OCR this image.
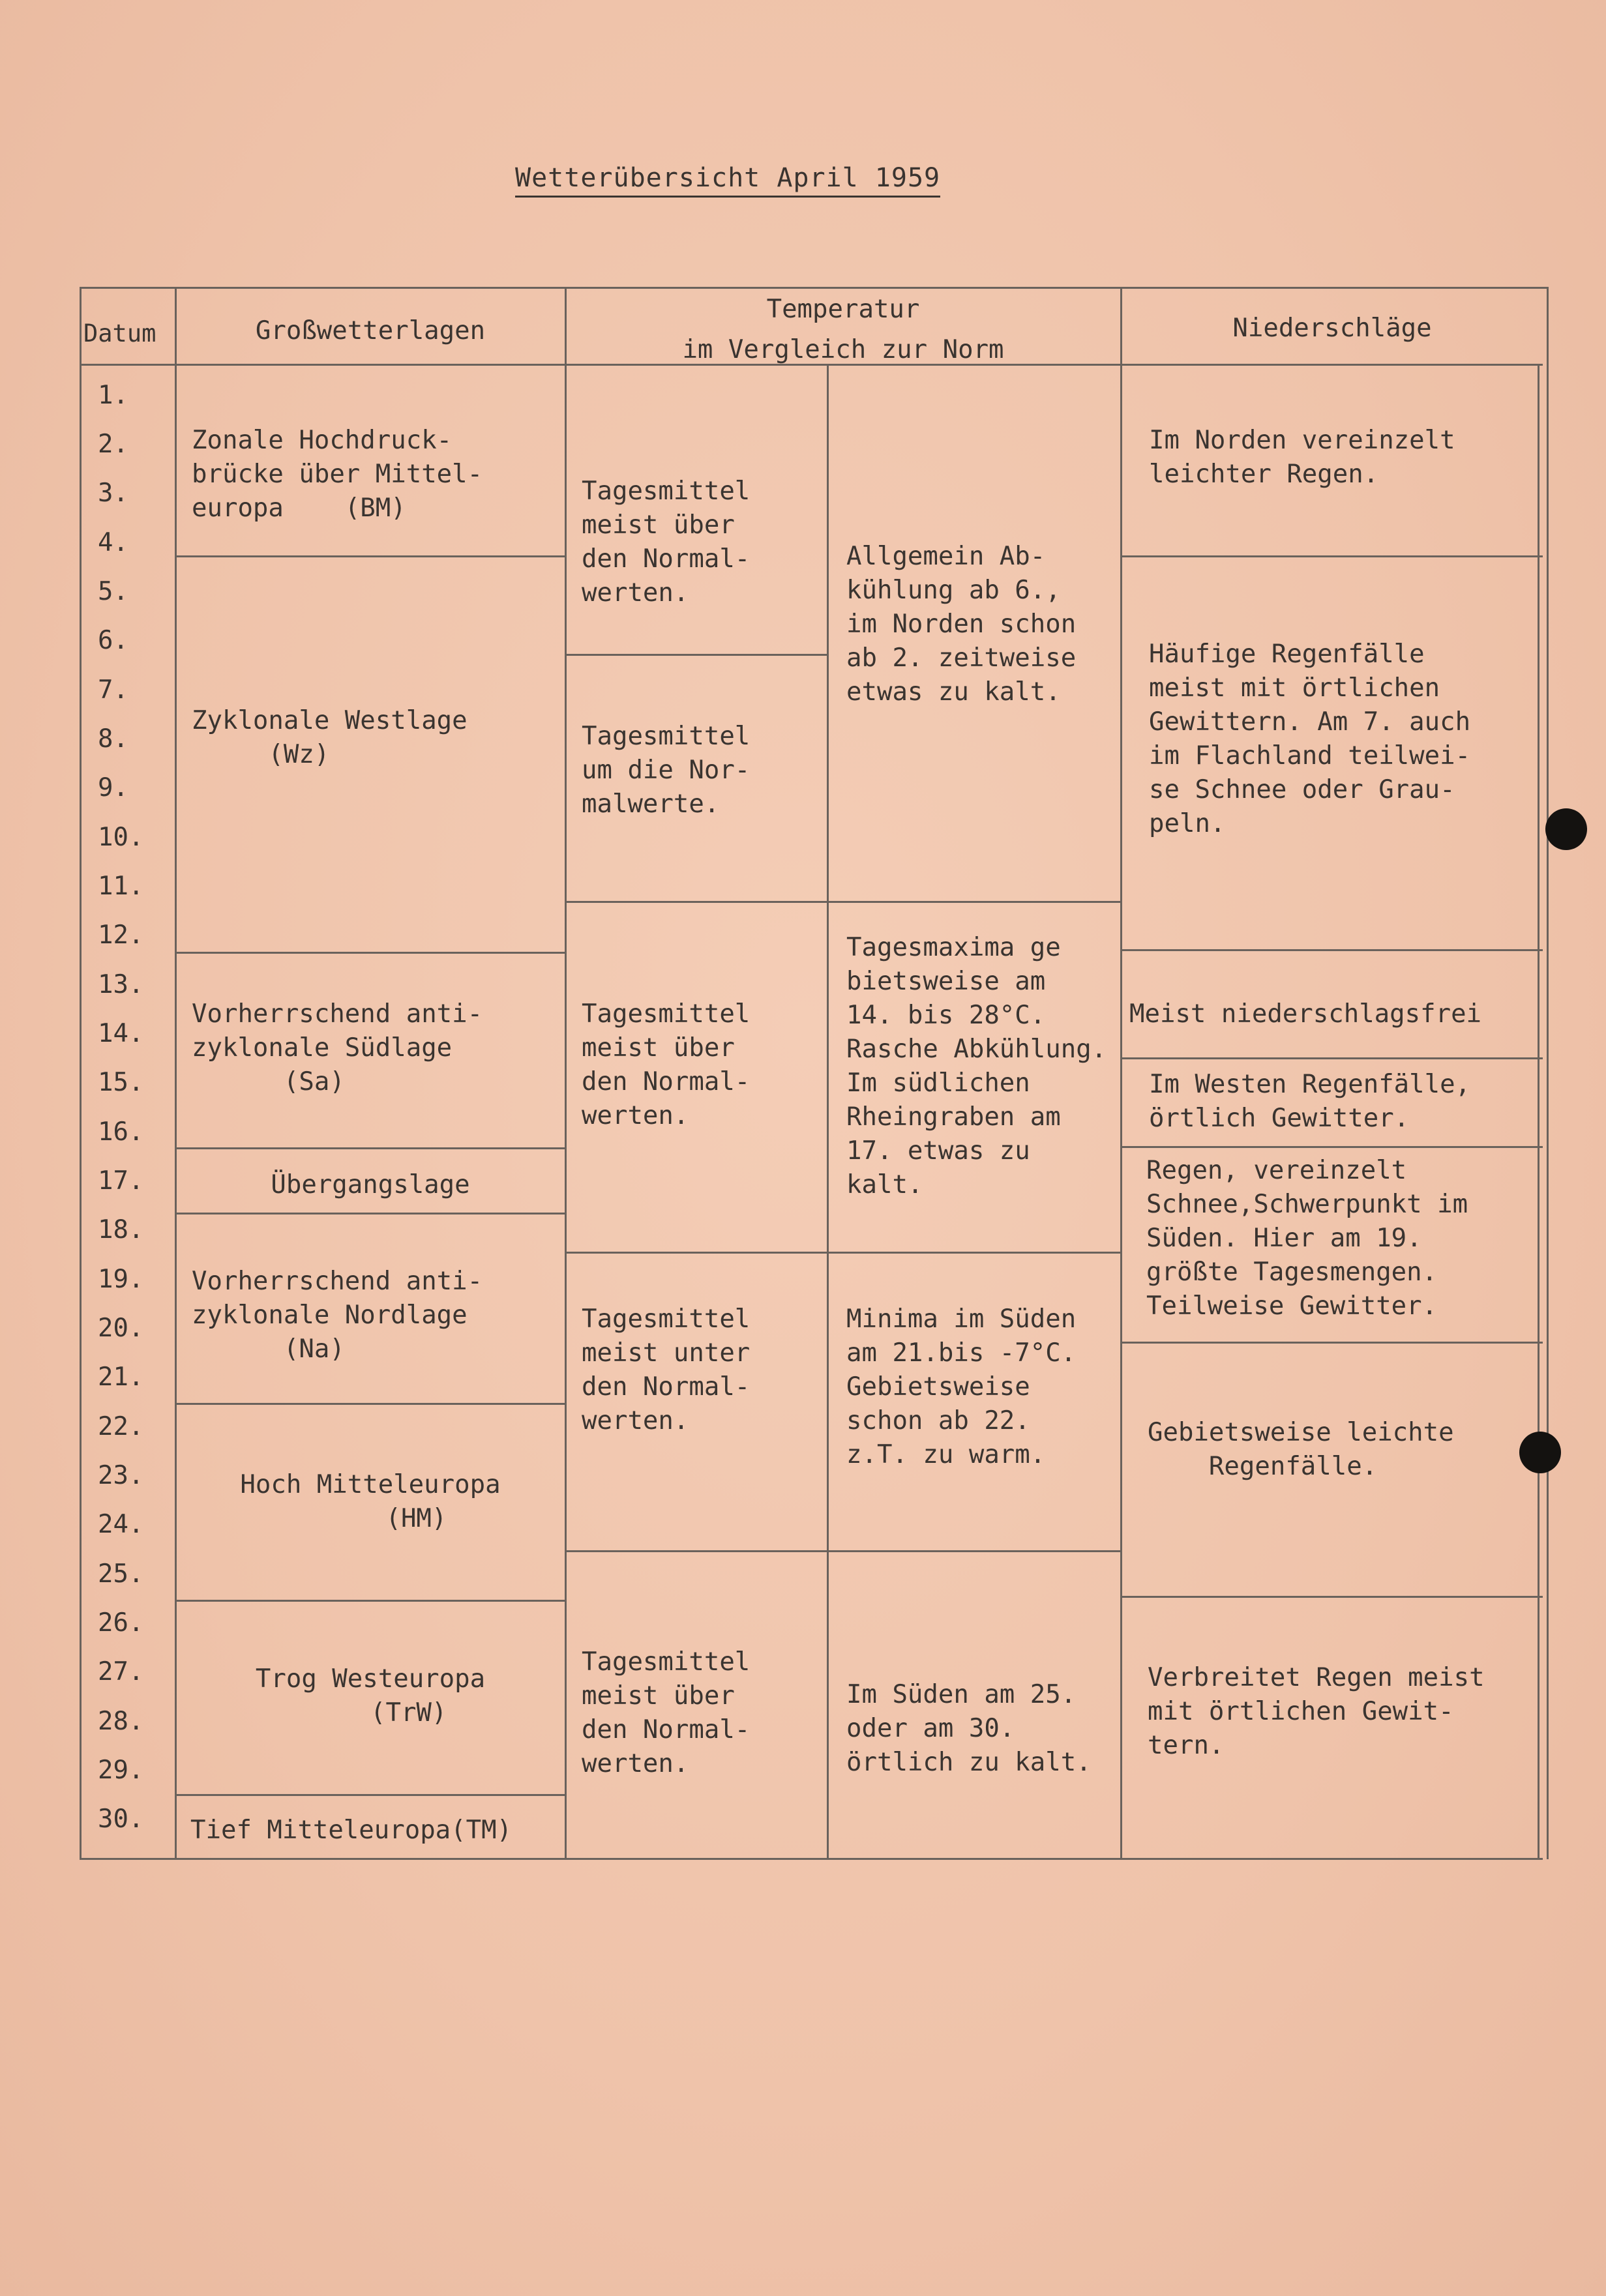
Wetterübersicht April 1959
Datum	Großwetterlagen
Temperatur
im Vergleich zur Norm
Niederschläge
1.
2.
3.
4.
5.
6.
7.
8.
9.
10.
11.
12.
13.
14.
15.
16.
17.
18.
19.
20.
21.
22.
23.
24.
25.
26.
27.
28.
29.
30.
Zonale Hochdruck-
brücke über Mittel-
europa    (BM)
Zyklonale Westlage
(Wz)
Vorherrschend anti-
zyklonale Südlage
(Sa)
Übergangslage
Vorherrschend anti-
zyklonale Nordlage
(Na)
Hoch Mitteleuropa
(HM)
Trog Westeuropa
(TrW)
Tief Mitteleuropa(TM)
Tagesmittel
meist über
den Normal-
werten.
Tagesmittel
um die Nor-
malwerte.
Tagesmittel
meist über
den Normal-
werten.
Tagesmittel
meist unter
den Normal-
werten.
Tagesmittel
meist über
den Normal-
werten.
Allgemein Ab-
kühlung ab 6.,
im Norden schon
ab 2. zeitweise
etwas zu kalt.
Tagesmaxima ge
bietsweise am
14. bis 28°C.
Rasche Abkühlung.
Im südlichen
Rheingraben am
17. etwas zu
kalt.
Minima im Süden
am 21.bis -7°C.
Gebietsweise
schon ab 22.
z.T. zu warm.
Im Süden am 25.
oder am 30.
örtlich zu kalt.
Im Norden vereinzelt
leichter Regen.
Häufige Regenfälle
meist mit örtlichen
Gewittern. Am 7. auch
im Flachland teilwei-
se Schnee oder Grau-
peln.
Meist niederschlagsfrei
Im Westen Regenfälle,
örtlich Gewitter.
Regen, vereinzelt
Schnee,Schwerpunkt im
Süden. Hier am 19.
größte Tagesmengen.
Teilweise Gewitter.
Gebietsweise leichte
Regenfälle.
Verbreitet Regen meist
mit örtlichen Gewit-
tern.
